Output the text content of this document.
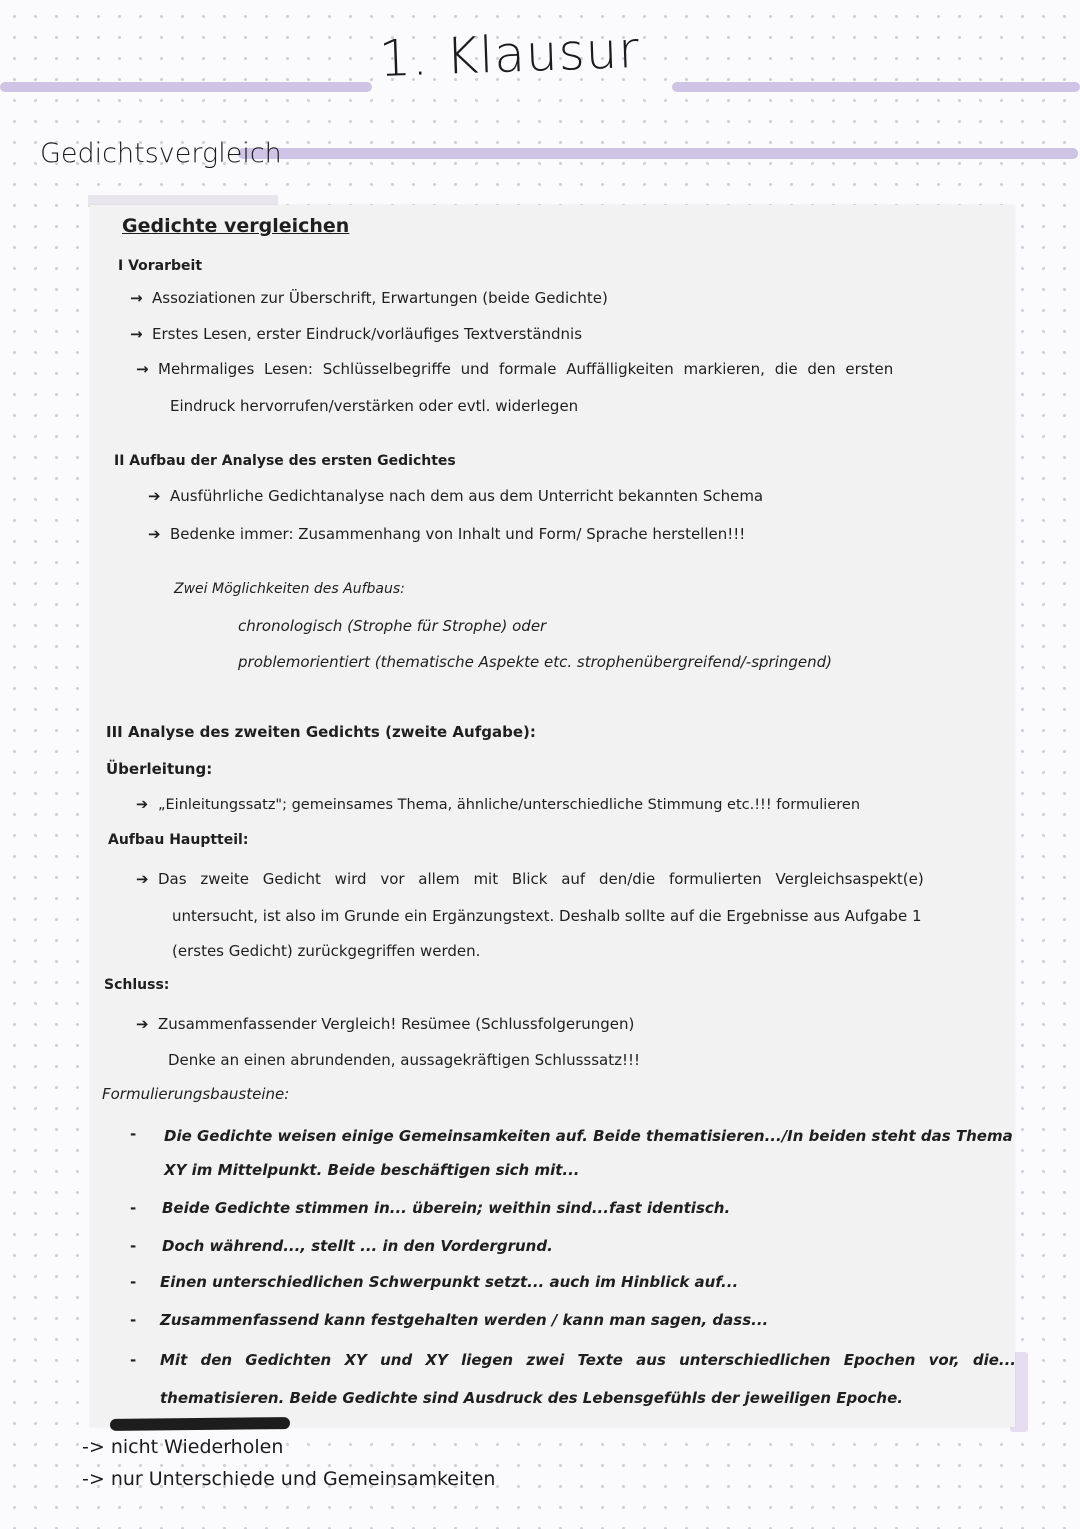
1. Klausur
Gedichtsvergleich
Gedichte vergleichen
I Vorarbeit
→ Assoziationen zur Überschrift, Erwartungen (beide Gedichte)
→ Erstes Lesen, erster Eindruck/vorläufiges Textverständnis
→ Mehrmaliges Lesen: Schlüsselbegriffe und formale Auffälligkeiten markieren, die den ersten
Eindruck hervorrufen/verstärken oder evtl. widerlegen
II Aufbau der Analyse des ersten Gedichtes
➔ Ausführliche Gedichtanalyse nach dem aus dem Unterricht bekannten Schema
➔ Bedenke immer: Zusammenhang von Inhalt und Form/ Sprache herstellen!!!
Zwei Möglichkeiten des Aufbaus:
chronologisch (Strophe für Strophe) oder
problemorientiert (thematische Aspekte etc. strophenübergreifend/-springend)
III Analyse des zweiten Gedichts (zweite Aufgabe):
Überleitung:
➔ „Einleitungssatz"; gemeinsames Thema, ähnliche/unterschiedliche Stimmung etc.!!! formulieren
Aufbau Hauptteil:
➔ Das zweite Gedicht wird vor allem mit Blick auf den/die formulierten Vergleichsaspekt(e)
untersucht, ist also im Grunde ein Ergänzungstext. Deshalb sollte auf die Ergebnisse aus Aufgabe 1
(erstes Gedicht) zurückgegriffen werden.
Schluss:
➔ Zusammenfassender Vergleich! Resümee (Schlussfolgerungen)
Denke an einen abrundenden, aussagekräftigen Schlusssatz!!!
Formulierungsbausteine:
- Die Gedichte weisen einige Gemeinsamkeiten auf. Beide thematisieren.../In beiden steht das Thema
XY im Mittelpunkt. Beide beschäftigen sich mit...
- Beide Gedichte stimmen in... überein; weithin sind...fast identisch.
- Doch während..., stellt ... in den Vordergrund.
- Einen unterschiedlichen Schwerpunkt setzt... auch im Hinblick auf...
- Zusammenfassend kann festgehalten werden / kann man sagen, dass...
- Mit den Gedichten XY und XY liegen zwei Texte aus unterschiedlichen Epochen vor, die...
thematisieren. Beide Gedichte sind Ausdruck des Lebensgefühls der jeweiligen Epoche.
-> nicht Wiederholen
-> nur Unterschiede und Gemeinsamkeiten
